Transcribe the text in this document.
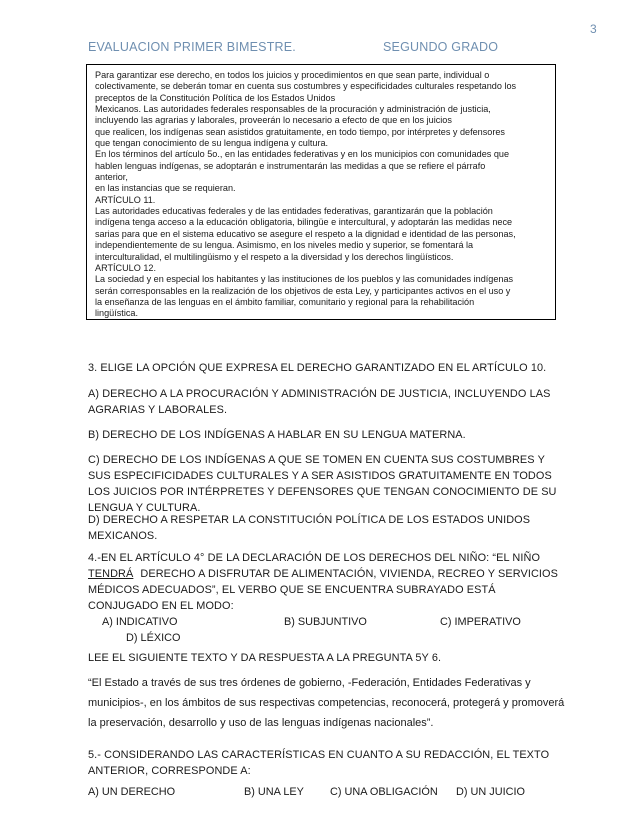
3
EVALUACION PRIMER BIMESTRE.	SEGUNDO GRADO
Para garantizar ese derecho, en todos los juicios y procedimientos en que sean parte, individual o
colectivamente, se deberán tomar en cuenta sus costumbres y especificidades culturales respetando los
preceptos de la Constitución Política de los Estados Unidos
Mexicanos. Las autoridades federales responsables de la procuración y administración de justicia,
incluyendo las agrarias y laborales, proveerán lo necesario a efecto de que en los juicios
que realicen, los indígenas sean asistidos gratuitamente, en todo tiempo, por intérpretes y defensores
que tengan conocimiento de su lengua indígena y cultura.
En los términos del artículo 5o., en las entidades federativas y en los municipios con comunidades que
hablen lenguas indígenas, se adoptarán e instrumentarán las medidas a que se refiere el párrafo
anterior,
en las instancias que se requieran.
ARTÍCULO 11.
Las autoridades educativas federales y de las entidades federativas, garantizarán que la población
indígena tenga acceso a la educación obligatoria, bilingüe e intercultural, y adoptarán las medidas nece
sarias para que en el sistema educativo se asegure el respeto a la dignidad e identidad de las personas,
independientemente de su lengua. Asimismo, en los niveles medio y superior, se fomentará la
interculturalidad, el multilingüismo y el respeto a la diversidad y los derechos lingüísticos.
ARTÍCULO 12.
La sociedad y en especial los habitantes y las instituciones de los pueblos y las comunidades indígenas
serán corresponsables en la realización de los objetivos de esta Ley, y participantes activos en el uso y
la enseñanza de las lenguas en el ámbito familiar, comunitario y regional para la rehabilitación
lingüística.
3. ELIGE LA OPCIÓN QUE EXPRESA EL DERECHO GARANTIZADO EN EL ARTÍCULO 10.
A) DERECHO A LA PROCURACIÓN Y ADMINISTRACIÓN DE JUSTICIA, INCLUYENDO LAS
AGRARIAS Y LABORALES.
B) DERECHO DE LOS INDÍGENAS A HABLAR EN SU LENGUA MATERNA.
C) DERECHO DE LOS INDÍGENAS A QUE SE TOMEN EN CUENTA SUS COSTUMBRES Y
SUS ESPECIFICIDADES CULTURALES Y A SER ASISTIDOS GRATUITAMENTE EN TODOS
LOS JUICIOS POR INTÉRPRETES Y DEFENSORES QUE TENGAN CONOCIMIENTO DE SU
LENGUA Y CULTURA.
D) DERECHO A RESPETAR LA CONSTITUCIÓN POLÍTICA DE LOS ESTADOS UNIDOS
MEXICANOS.
4.-EN EL ARTÍCULO 4° DE LA DECLARACIÓN DE LOS DERECHOS DEL NIÑO: “EL NIÑO
TENDRÁ DERECHO A DISFRUTAR DE ALIMENTACIÓN, VIVIENDA, RECREO Y SERVICIOS
MÉDICOS ADECUADOS”, EL VERBO QUE SE ENCUENTRA SUBRAYADO ESTÁ
CONJUGADO EN EL MODO:
A) INDICATIVO	B) SUBJUNTIVO	C) IMPERATIVO
D) LÉXICO
LEE EL SIGUIENTE TEXTO Y DA RESPUESTA A LA PREGUNTA 5Y 6.
“El Estado a través de sus tres órdenes de gobierno, -Federación, Entidades Federativas y
municipios-, en los ámbitos de sus respectivas competencias, reconocerá, protegerá y promoverá
la preservación, desarrollo y uso de las lenguas indígenas nacionales”.
5.- CONSIDERANDO LAS CARACTERÍSTICAS EN CUANTO A SU REDACCIÓN, EL TEXTO
ANTERIOR, CORRESPONDE A:
A) UN DERECHO	B) UNA LEY C) UNA OBLIGACIÓN D) UN JUICIO
